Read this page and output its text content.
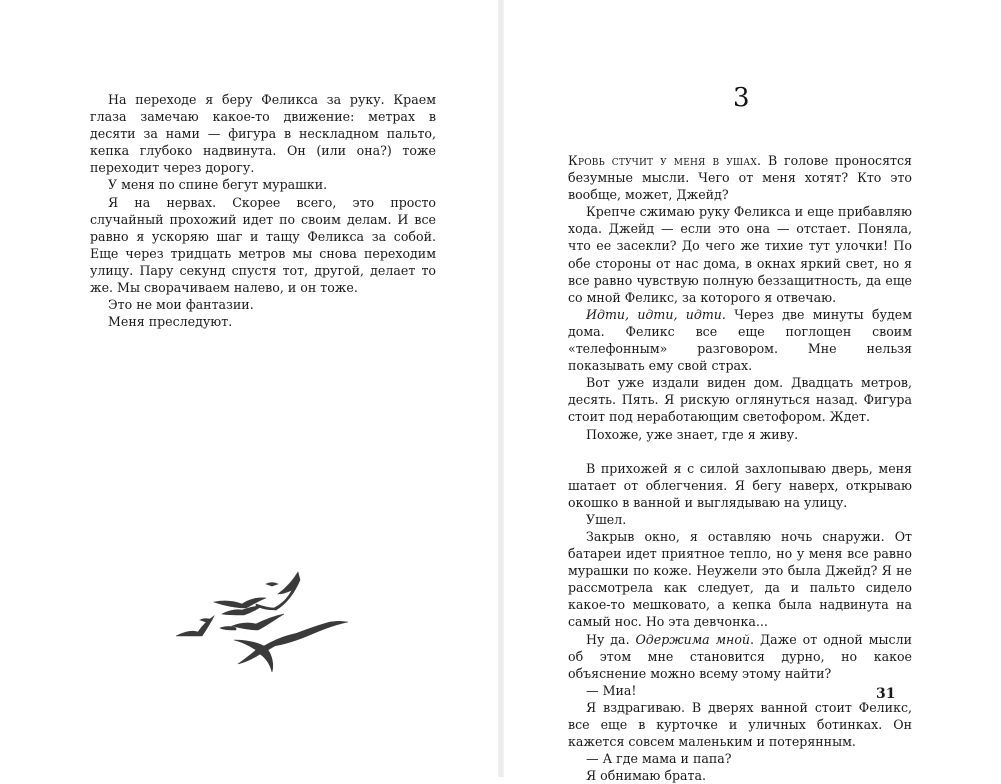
На переходе я беру Феликса за руку. Краем глаза замечаю какое-то движение: метрах в десяти за нами — фигура в нескладном пальто, кепка глубоко надвинута. Он (или она?) тоже переходит через дорогу.

У меня по спине бегут мурашки.

Я на нервах. Скорее всего, это просто случайный прохожий идет по своим делам. И все равно я ускоряю шаг и тащу Феликса за собой. Еще через тридцать метров мы снова переходим улицу. Пару секунд спустя тот, другой, делает то же. Мы сворачиваем налево, и он тоже.

Это не мои фантазии.

Меня преследуют.

3

Кровь стучит у меня в ушах. В голове проносятся безумные мысли. Чего от меня хотят? Кто это вообще, может, Джейд?

Крепче сжимаю руку Феликса и еще прибавляю хода. Джейд — если это она — отстает. Поняла, что ее засекли? До чего же тихие тут улочки! По обе стороны от нас дома, в окнах яркий свет, но я все равно чувствую полную беззащитность, да еще со мной Феликс, за которого я отвечаю.

Идти, идти, идти. Через две минуты будем дома. Феликс все еще поглощен своим «телефонным» разговором. Мне нельзя показывать ему свой страх.

Вот уже издали виден дом. Двадцать метров, десять. Пять. Я рискую оглянуться назад. Фигура стоит под неработающим светофором. Ждет.

Похоже, уже знает, где я живу.

В прихожей я с силой захлопываю дверь, меня шатает от облегчения. Я бегу наверх, открываю окошко в ванной и выглядываю на улицу.

Ушел.

Закрыв окно, я оставляю ночь снаружи. От батареи идет приятное тепло, но у меня все равно мурашки по коже. Неужели это была Джейд? Я не рассмотрела как следует, да и пальто сидело какое-то мешковато, а кепка была надвинута на самый нос. Но эта девчонка...

Ну да. Одержима мной. Даже от одной мысли об этом мне становится дурно, но какое объяснение можно всему этому найти?

— Миа!

Я вздрагиваю. В дверях ванной стоит Феликс, все еще в курточке и уличных ботинках. Он кажется совсем маленьким и потерянным.

— А где мама и папа?

Я обнимаю брата.

31
